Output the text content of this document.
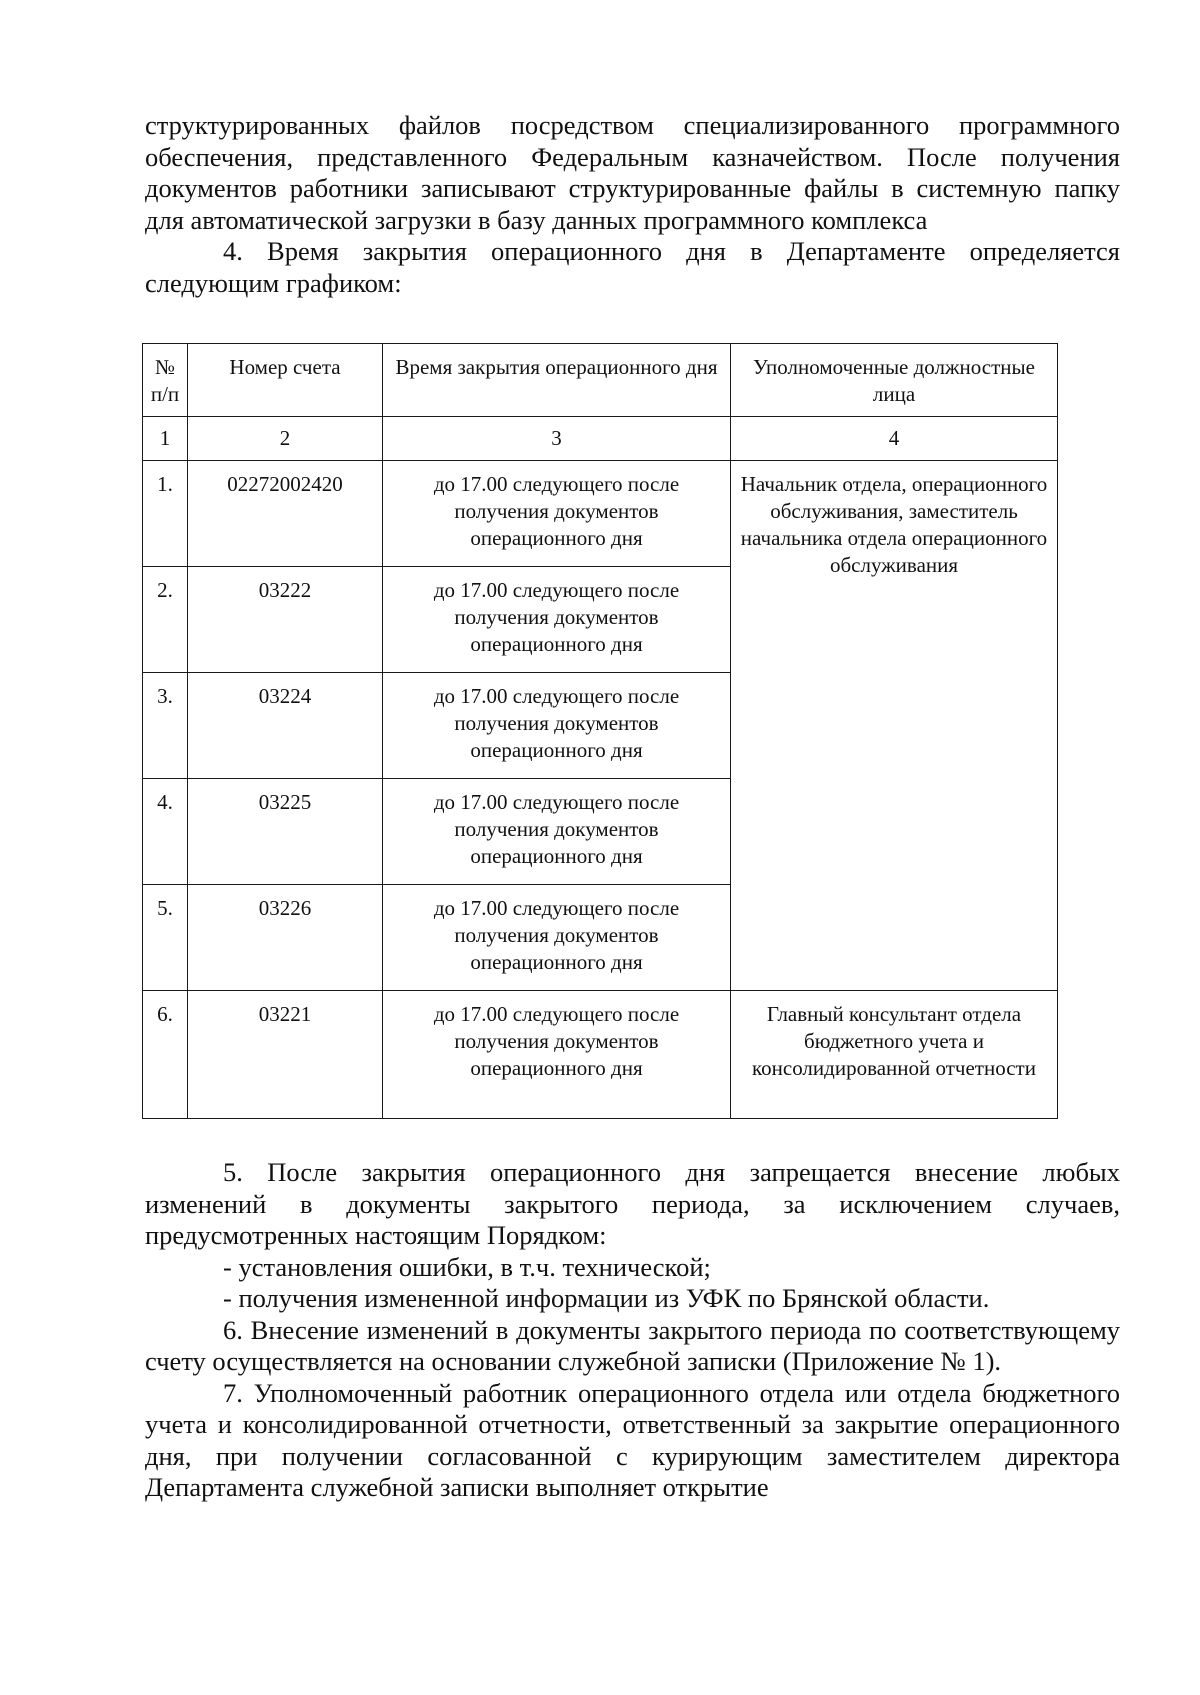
структурированных файлов посредством специализированного программного обеспечения, представленного Федеральным казначейством. После получения документов работники записывают структурированные файлы в системную папку для автоматической загрузки в базу данных программного комплекса

4. Время закрытия операционного дня в Департаменте определяется следующим графиком:

№ п/п	Номер счета	Время закрытия операционного дня	Уполномоченные должностные лица
1	2	3	4
1.	02272002420	до 17.00 следующего после получения документов операционного дня	Начальник отдела, операционного обслуживания, заместитель начальника отдела операционного обслуживания
2.	03222	до 17.00 следующего после получения документов операционного дня	
3.	03224	до 17.00 следующего после получения документов операционного дня	
4.	03225	до 17.00 следующего после получения документов операционного дня	
5.	03226	до 17.00 следующего после получения документов операционного дня	
6.	03221	до 17.00 следующего после получения документов операционного дня	Главный консультант отдела бюджетного учета и консолидированной отчетности

5. После закрытия операционного дня запрещается внесение любых изменений в документы закрытого периода, за исключением случаев, предусмотренных настоящим Порядком:

- установления ошибки, в т.ч. технической;

- получения измененной информации из УФК по Брянской области.

6. Внесение изменений в документы закрытого периода по соответствующему счету осуществляется на основании служебной записки (Приложение № 1).

7. Уполномоченный работник операционного отдела или отдела бюджетного учета и консолидированной отчетности, ответственный за закрытие операционного дня, при получении согласованной с курирующим заместителем директора Департамента служебной записки выполняет открытие
